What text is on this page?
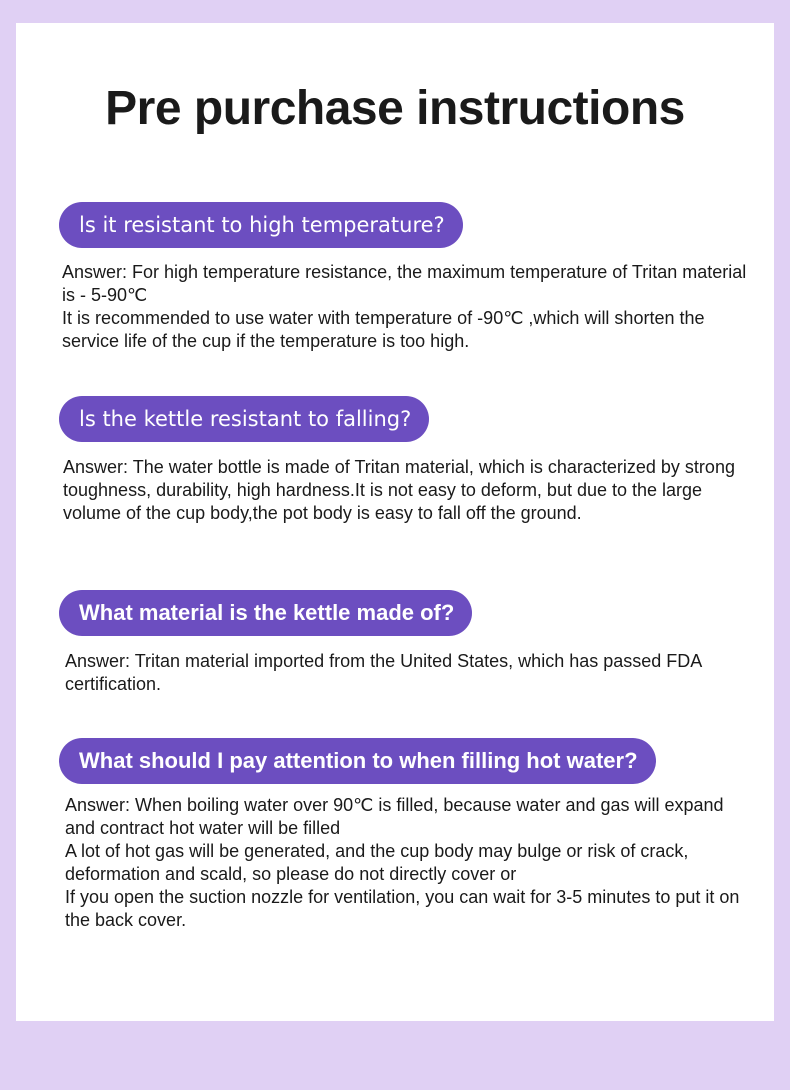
Pre purchase instructions
ls it resistant to high temperature?

Answer: For high temperature resistance, the maximum temperature of Tritan material is - 5-90℃

It is recommended to use water with temperature of -90℃ ,which will shorten the service life of the cup if the temperature is too high.

ls the kettle resistant to falling?

Answer: The water bottle is made of Tritan material, which is characterized by strong toughness, durability, high hardness.It is not easy to deform, but due to the large volume of the cup body,the pot body is easy to fall off the ground.

What material is the kettle made of?

Answer: Tritan material imported from the United States, which has passed FDA certification.

What should I pay attention to when filling hot water?

Answer: When boiling water over 90℃ is filled, because water and gas will expand and contract hot water will be filled

A lot of hot gas will be generated, and the cup body may bulge or risk of crack, deformation and scald, so please do not directly cover or

If you open the suction nozzle for ventilation, you can wait for 3-5 minutes to put it on the back cover.
